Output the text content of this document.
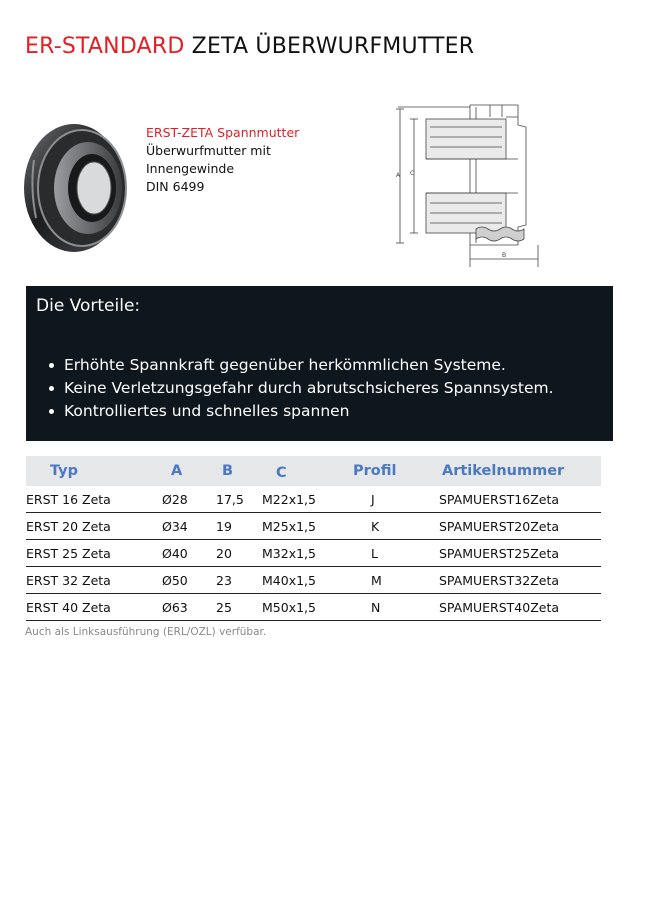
ER-STANDARD ZETA ÜBERWURFMUTTER
ERST-ZETA Spannmutter
Überwurfmutter mit
Innengewinde
DIN 6499
A C
B
Die Vorteile:
Erhöhte Spannkraft gegenüber herkömmlichen Systeme.
Keine Verletzungsgefahr durch abrutschsicheres Spannsystem.
Kontrolliertes und schnelles spannen
Typ	A	B	C	Profil	Artikelnummer
ERST 16 Zeta	Ø28 17,5 M22x1,5	J	SPAMUERST16Zeta
ERST 20 Zeta	Ø34 19 M25x1,5	K	SPAMUERST20Zeta
ERST 25 Zeta	Ø40 20 M32x1,5	L	SPAMUERST25Zeta
ERST 32 Zeta	Ø50 23 M40x1,5	M	SPAMUERST32Zeta
ERST 40 Zeta	Ø63 25 M50x1,5	N	SPAMUERST40Zeta
Auch als Linksausführung (ERL/OZL) verfübar.
